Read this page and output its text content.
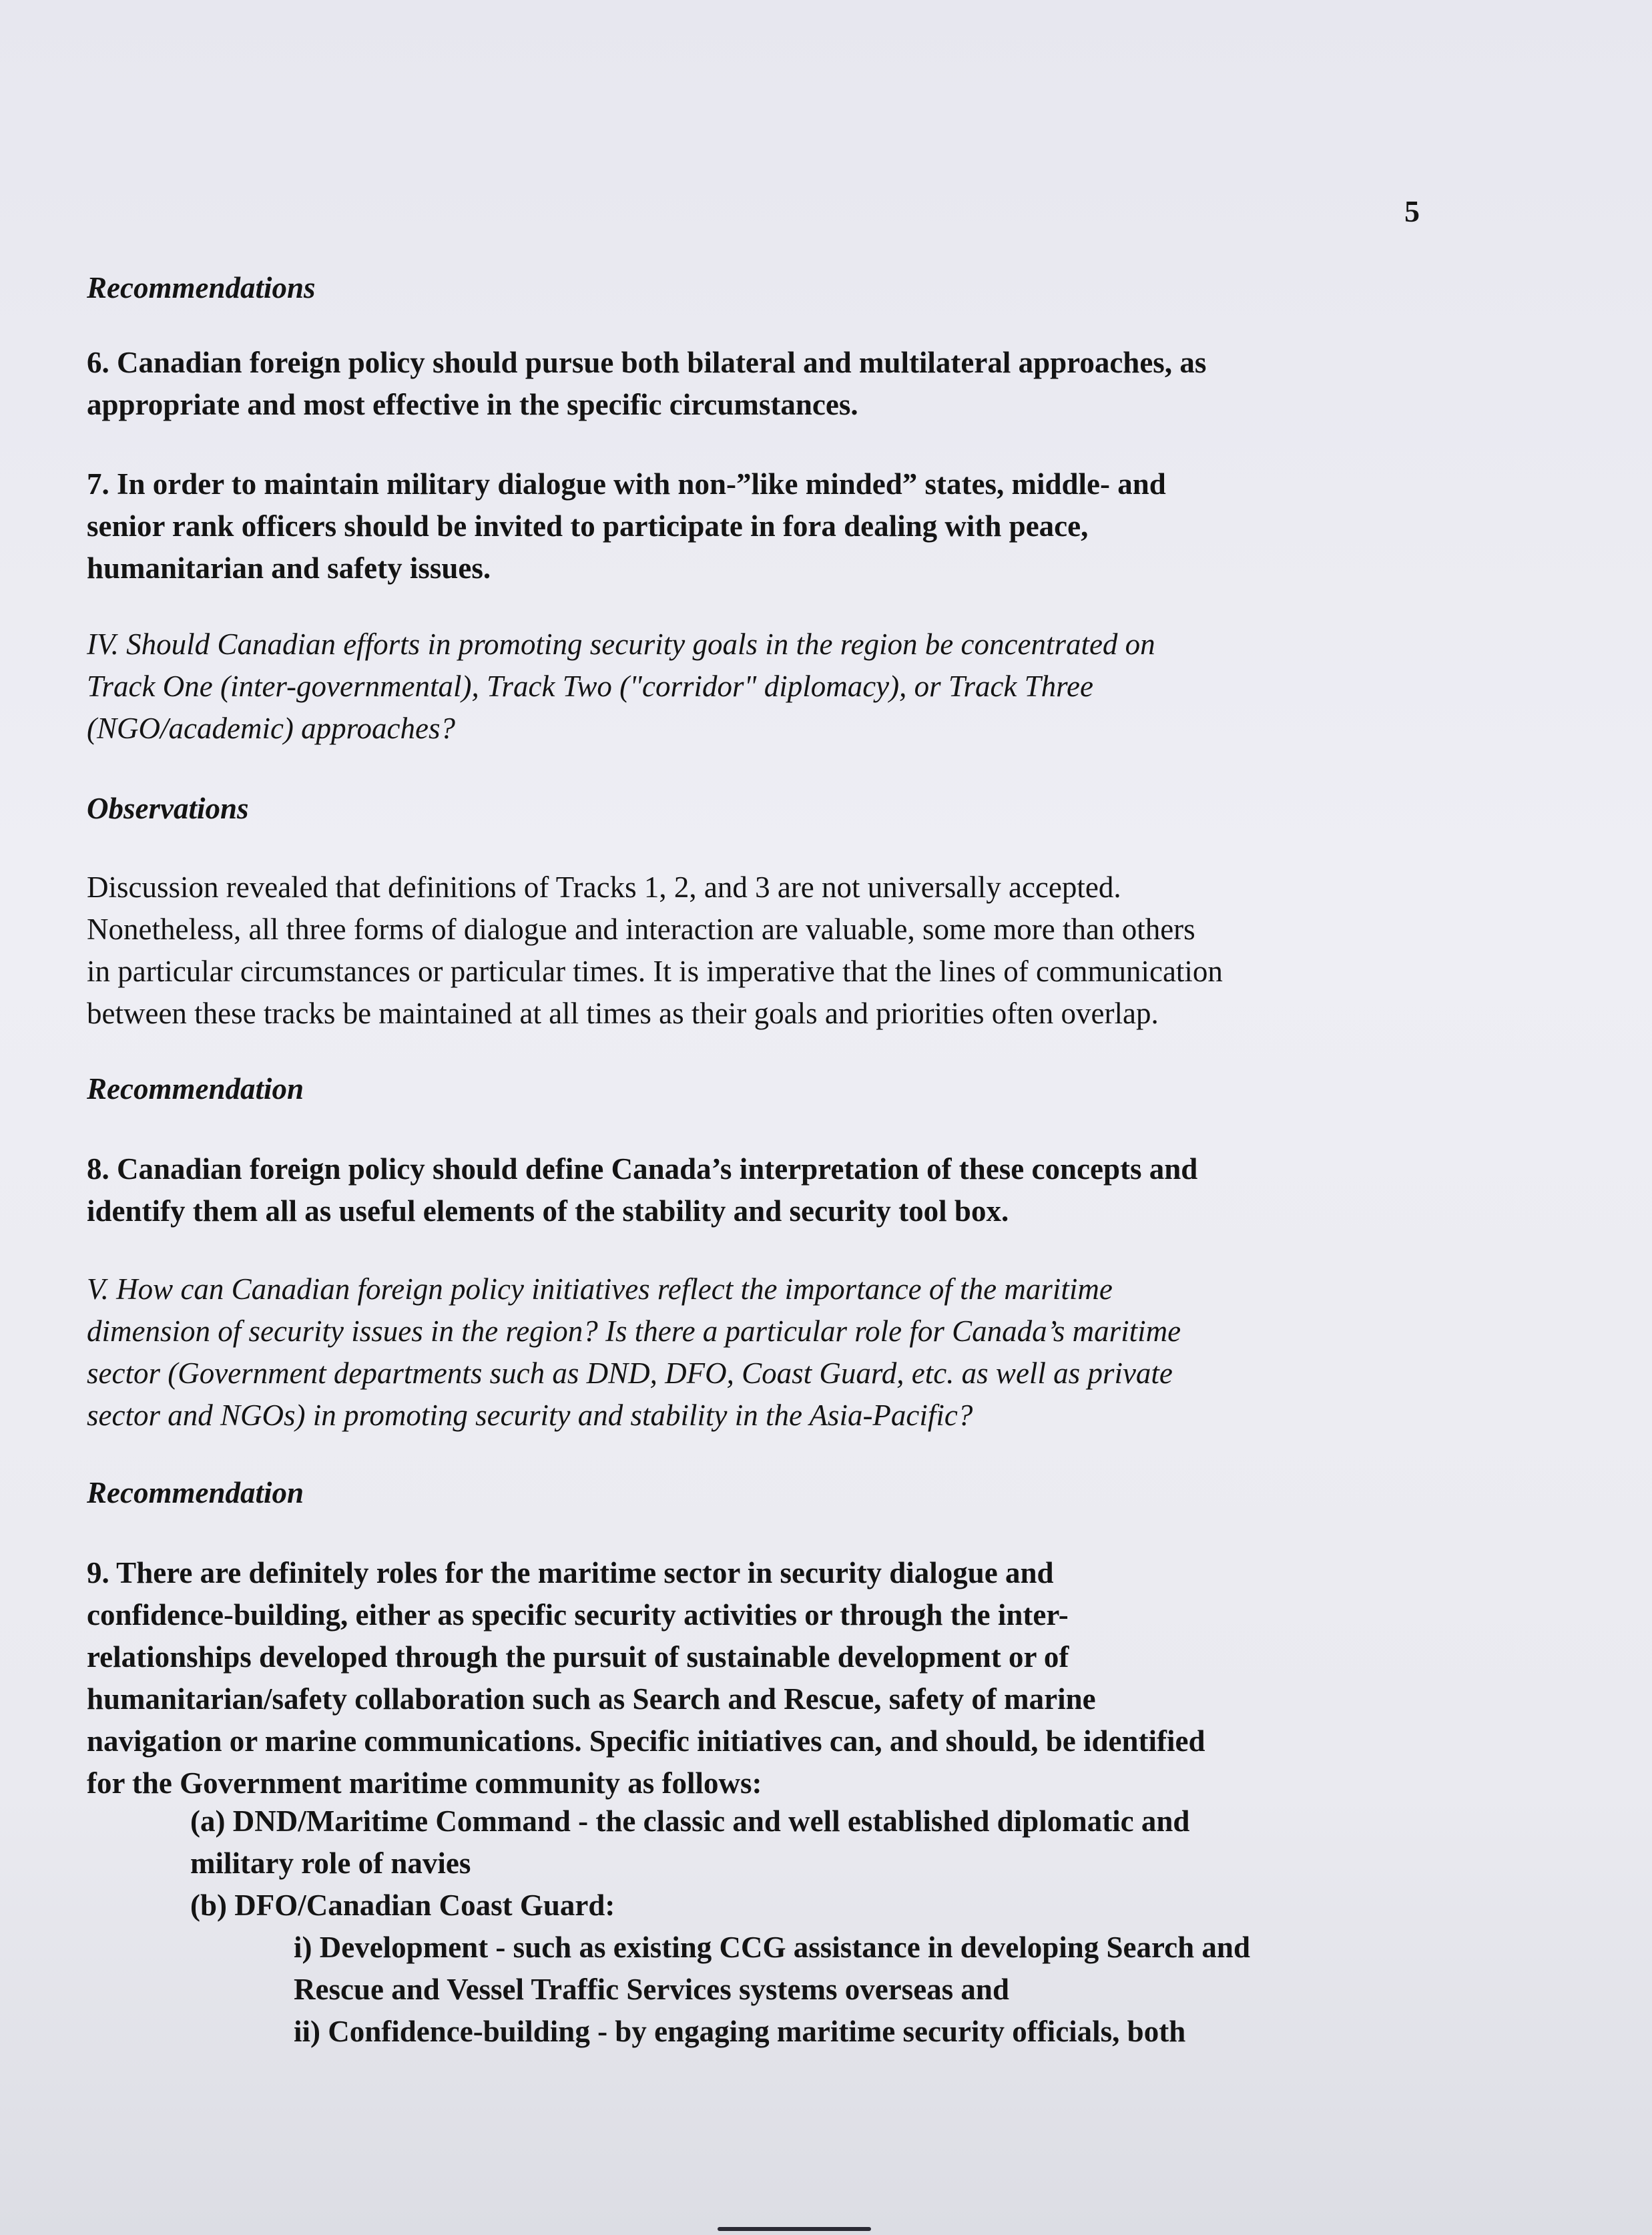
5
Recommendations
6. Canadian foreign policy should pursue both bilateral and multilateral approaches, as
appropriate and most effective in the specific circumstances.
7. In order to maintain military dialogue with non-”like minded” states, middle- and
senior rank officers should be invited to participate in fora dealing with peace,
humanitarian and safety issues.
IV. Should Canadian efforts in promoting security goals in the region be concentrated on
Track One (inter-governmental), Track Two ("corridor" diplomacy), or Track Three
(NGO/academic) approaches?
Observations
Discussion revealed that definitions of Tracks 1, 2, and 3 are not universally accepted.
Nonetheless, all three forms of dialogue and interaction are valuable, some more than others
in particular circumstances or particular times. It is imperative that the lines of communication
between these tracks be maintained at all times as their goals and priorities often overlap.
Recommendation
8. Canadian foreign policy should define Canada’s interpretation of these concepts and
identify them all as useful elements of the stability and security tool box.
V. How can Canadian foreign policy initiatives reflect the importance of the maritime
dimension of security issues in the region? Is there a particular role for Canada’s maritime
sector (Government departments such as DND, DFO, Coast Guard, etc. as well as private
sector and NGOs) in promoting security and stability in the Asia-Pacific?
Recommendation
9. There are definitely roles for the maritime sector in security dialogue and
confidence-building, either as specific security activities or through the inter-
relationships developed through the pursuit of sustainable development or of
humanitarian/safety collaboration such as Search and Rescue, safety of marine
navigation or marine communications. Specific initiatives can, and should, be identified
for the Government maritime community as follows:
(a) DND/Maritime Command - the classic and well established diplomatic and
military role of navies
(b) DFO/Canadian Coast Guard:
i) Development - such as existing CCG assistance in developing Search and
Rescue and Vessel Traffic Services systems overseas and
ii) Confidence-building - by engaging maritime security officials, both
